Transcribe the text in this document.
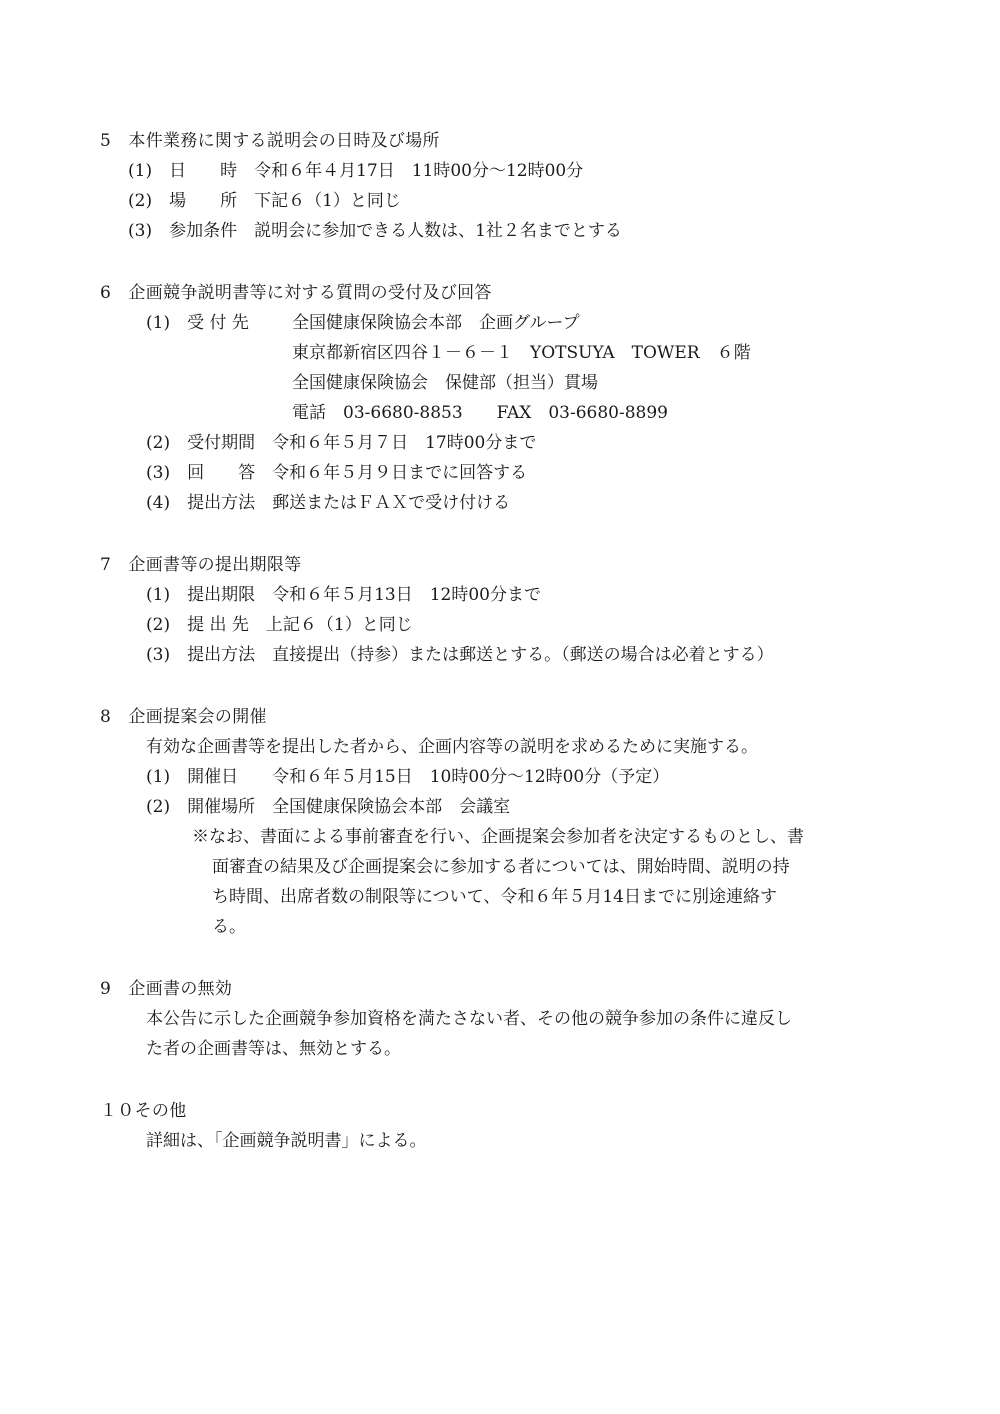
5　本件業務に関する説明会の日時及び場所
(1)　日　　時　令和６年４月17日　11時00分～12時00分
(2)　場　　所　下記６（1）と同じ
(3)　参加条件　説明会に参加できる人数は、1社２名までとする
6　企画競争説明書等に対する質問の受付及び回答
(1)　受 付 先	全国健康保険協会本部　企画グループ
東京都新宿区四谷１－６－１　YOTSUYA　TOWER　６階
全国健康保険協会　保健部（担当）貫場
電話　03-6680-8853　　FAX　03-6680-8899
(2)　受付期間　令和６年５月７日　17時00分まで
(3)　回　　答　令和６年５月９日までに回答する
(4)　提出方法　郵送またはＦＡＸで受け付ける
7　企画書等の提出期限等
(1)　提出期限　令和６年５月13日　12時00分まで
(2)　提 出 先　上記６（1）と同じ
(3)　提出方法　直接提出（持参）または郵送とする。（郵送の場合は必着とする）
8　企画提案会の開催
有効な企画書等を提出した者から、企画内容等の説明を求めるために実施する。
(1)　開催日　　令和６年５月15日　10時00分～12時00分（予定）
(2)　開催場所　全国健康保険協会本部　会議室
※なお、書面による事前審査を行い、企画提案会参加者を決定するものとし、書
面審査の結果及び企画提案会に参加する者については、開始時間、説明の持
ち時間、出席者数の制限等について、令和６年５月14日までに別途連絡す
る。
9　企画書の無効
本公告に示した企画競争参加資格を満たさない者、その他の競争参加の条件に違反し
た者の企画書等は、無効とする。
１０その他
詳細は、「企画競争説明書」による。
